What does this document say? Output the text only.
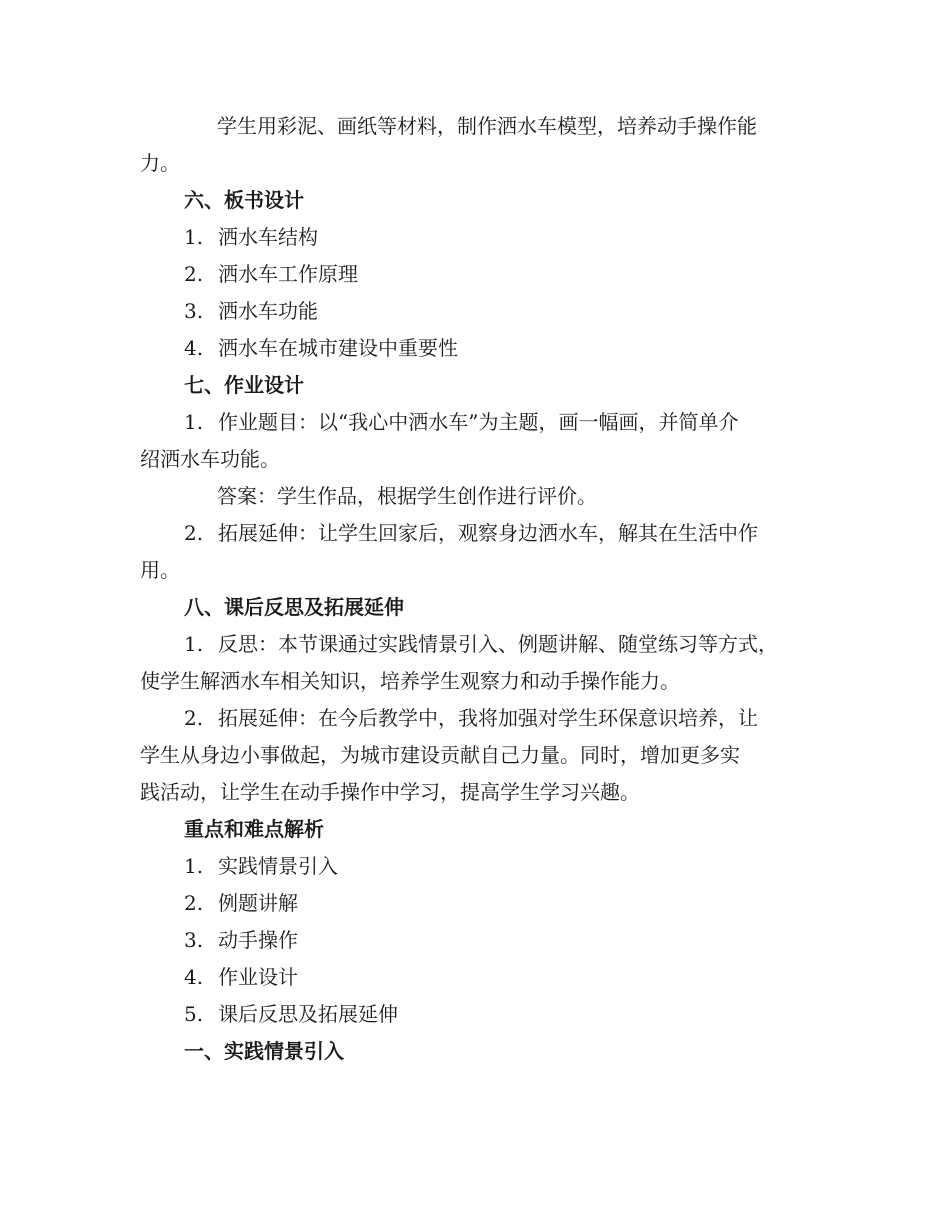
学生用彩泥、画纸等材料，制作洒水车模型，培养动手操作能
力。
六、板书设计
1. 洒水车结构
2. 洒水车工作原理
3. 洒水车功能
4. 洒水车在城市建设中重要性
七、作业设计
1. 作业题目：以“我心中洒水车”为主题，画一幅画，并简单介
绍洒水车功能。
答案：学生作品，根据学生创作进行评价。
2. 拓展延伸：让学生回家后，观察身边洒水车，解其在生活中作
用。
八、课后反思及拓展延伸
1. 反思：本节课通过实践情景引入、例题讲解、随堂练习等方式，
使学生解洒水车相关知识，培养学生观察力和动手操作能力。
2. 拓展延伸：在今后教学中，我将加强对学生环保意识培养，让
学生从身边小事做起，为城市建设贡献自己力量。同时，增加更多实
践活动，让学生在动手操作中学习，提高学生学习兴趣。
重点和难点解析
1. 实践情景引入
2. 例题讲解
3. 动手操作
4. 作业设计
5. 课后反思及拓展延伸
一、实践情景引入
